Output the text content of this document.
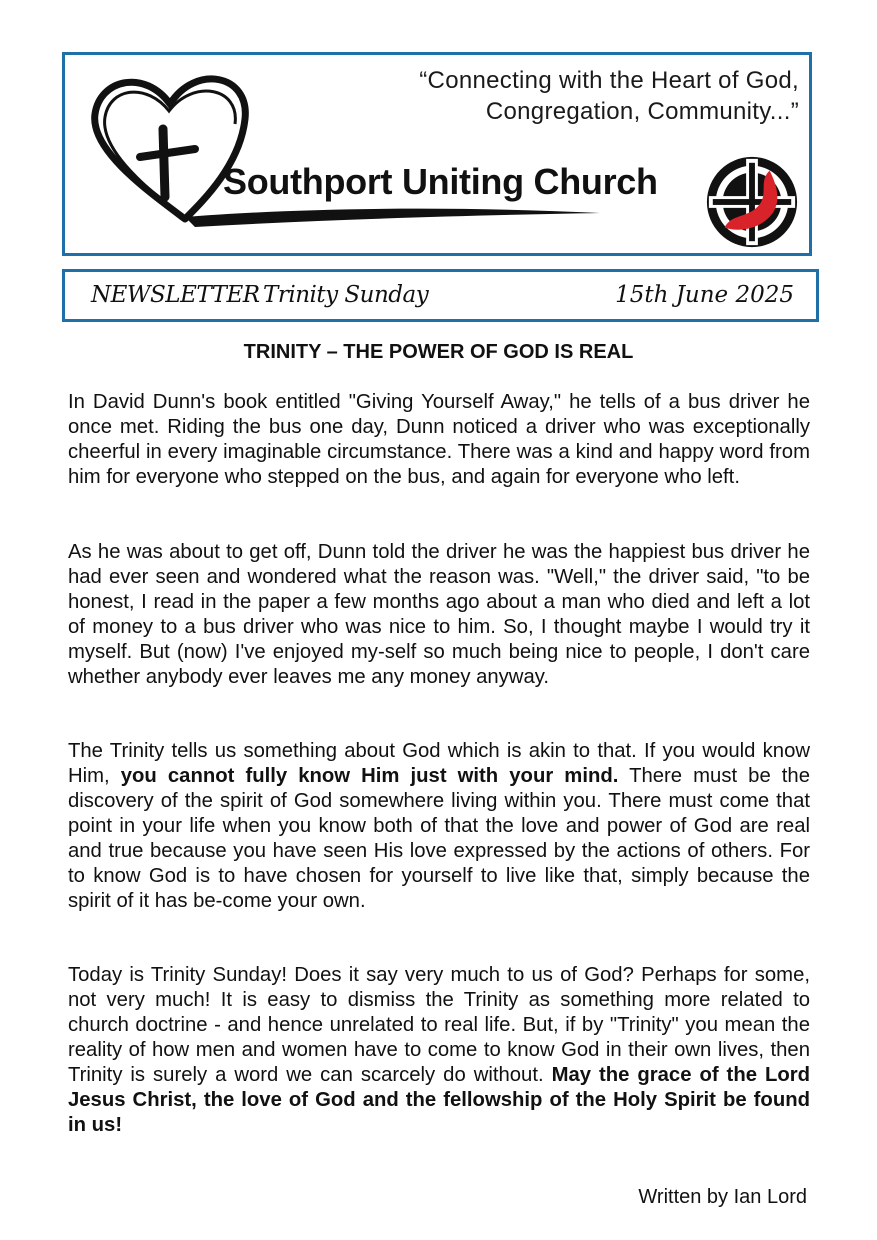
“Connecting with the Heart of God,
Congregation, Community...”
Southport Uniting Church
NEWSLETTER Trinity Sunday	15th June 2025
TRINITY – THE POWER OF GOD IS REAL

In David Dunn's book entitled "Giving Yourself Away," he tells of a bus driver he once met. Riding the bus one day, Dunn noticed a driver who was exceptionally cheerful in every imaginable circumstance. There was a kind and happy word from him for everyone who stepped on the bus, and again for everyone who left.

As he was about to get off, Dunn told the driver he was the happiest bus driver he had ever seen and wondered what the reason was. "Well," the driver said, "to be honest, I read in the paper a few months ago about a man who died and left a lot of money to a bus driver who was nice to him. So, I thought maybe I would try it myself. But (now) I've enjoyed my-self so much being nice to people, I don't care whether anybody ever leaves me any money anyway.

The Trinity tells us something about God which is akin to that. If you would know Him, you cannot fully know Him just with your mind. There must be the discovery of the spirit of God somewhere living within you. There must come that point in your life when you know both of that the love and power of God are real and true because you have seen His love expressed by the actions of others. For to know God is to have chosen for yourself to live like that, simply because the spirit of it has be-come your own.

Today is Trinity Sunday! Does it say very much to us of God? Perhaps for some, not very much! It is easy to dismiss the Trinity as something more related to church doctrine - and hence unrelated to real life. But, if by "Trinity" you mean the reality of how men and women have to come to know God in their own lives, then Trinity is surely a word we can scarcely do without. May the grace of the Lord Jesus Christ, the love of God and the fellowship of the Holy Spirit be found in us!

Written by Ian Lord
